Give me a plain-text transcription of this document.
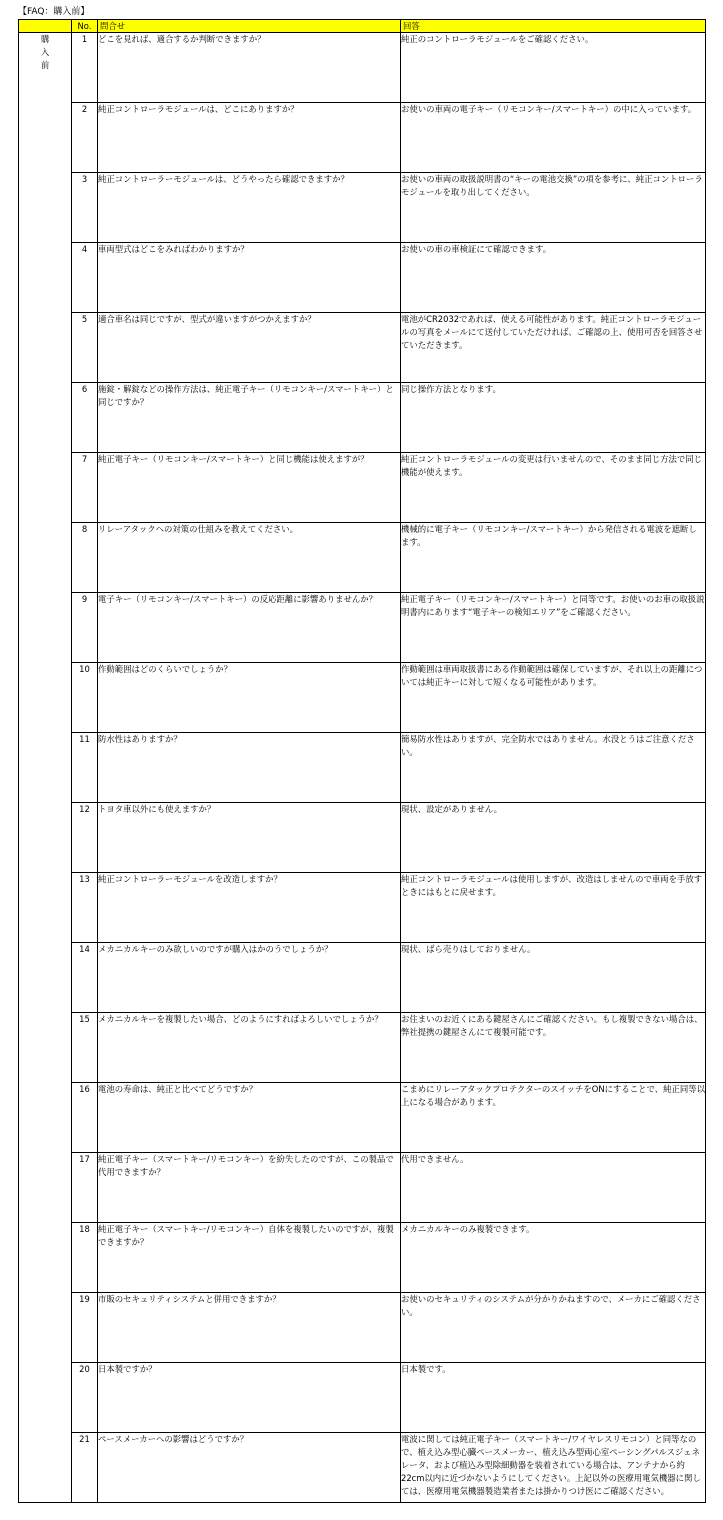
【FAQ：購入前】
	No.	問合せ	回答
購
入
前	1	どこを見れば、適合するか判断できますか？	純正のコントローラモジュールをご確認ください。
	2	純正コントローラモジュールは、どこにありますか？	お使いの車両の電子キー（リモコンキー/スマートキー）の中に入っています。
	3	純正コントローラーモジュールは、どうやったら確認できますか？	お使いの車両の取扱説明書の“キーの電池交換”の項を参考に、純正コントローラモジュールを取り出してください。
	4	車両型式はどこをみればわかりますか？	お使いの車の車検証にて確認できます。
	5	適合車名は同じですが、型式が違いますがつかえますか？	電池がCR2032であれば、使える可能性があります。純正コントローラモジュールの写真をメールにて送付していただければ、ご確認の上、使用可否を回答させていただきます。
	6	施錠・解錠などの操作方法は、純正電子キー（リモコンキー/スマートキー）と同じですか？	同じ操作方法となります。
	7	純正電子キー（リモコンキー/スマートキー）と同じ機能は使えますが？	純正コントローラモジュールの変更は行いませんので、そのまま同じ方法で同じ機能が使えます。
	8	リレーアタックへの対策の仕組みを教えてください。	機械的に電子キー（リモコンキー/スマートキー）から発信される電波を遮断します。
	9	電子キー（リモコンキー/スマートキー）の反応距離に影響ありませんか？	純正電子キー（リモコンキー/スマートキー）と同等です。お使いのお車の取扱説明書内にあります“電子キーの検知エリア”をご確認ください。
	10	作動範囲はどのくらいでしょうか？	作動範囲は車両取扱書にある作動範囲は確保していますが、それ以上の距離については純正キーに対して短くなる可能性があります。
	11	防水性はありますか？	簡易防水性はありますが、完全防水ではありません。水没とうはご注意ください。
	12	トヨタ車以外にも使えますか？	現状、設定がありません。
	13	純正コントローラーモジュールを改造しますか？	純正コントローラモジュールは使用しますが、改造はしませんので車両を手放すときにはもとに戻せます。
	14	メカニカルキーのみ欲しいのですが購入はかのうでしょうか？	現状、ばら売りはしておりません。
	15	メカニカルキーを複製したい場合、どのようにすればよろしいでしょうか？	お住まいのお近くにある鍵屋さんにご確認ください。もし複製できない場合は、弊社提携の鍵屋さんにて複製可能です。
	16	電池の寿命は、純正と比べてどうですか？	こまめにリレーアタックプロテクターのスイッチをONにすることで、純正同等以上になる場合があります。
	17	純正電子キー（スマートキー/リモコンキー）を紛失したのですが、この製品で代用できますか？	代用できません。
	18	純正電子キー（スマートキー/リモコンキー）自体を複製したいのですが、複製できますか？	メカニカルキーのみ複製できます。
	19	市販のセキュリティシステムと併用できますか？	お使いのセキュリティのシステムが分かりかねますので、メーカにご確認ください。
	20	日本製ですか？	日本製です。
	21	ペースメーカーへの影響はどうですか？	電波に関しては純正電子キー（スマートキー/ワイヤレスリモコン）と同等なので、植え込み型心臓ペースメーカー、植え込み型両心室ペーシングパルスジェネレータ、および植込み型除細動器を装着されている場合は、アンテナから約22cm以内に近づかないようにしてください。上記以外の医療用電気機器に関しては、医療用電気機器製造業者または掛かりつけ医にご確認ください。
